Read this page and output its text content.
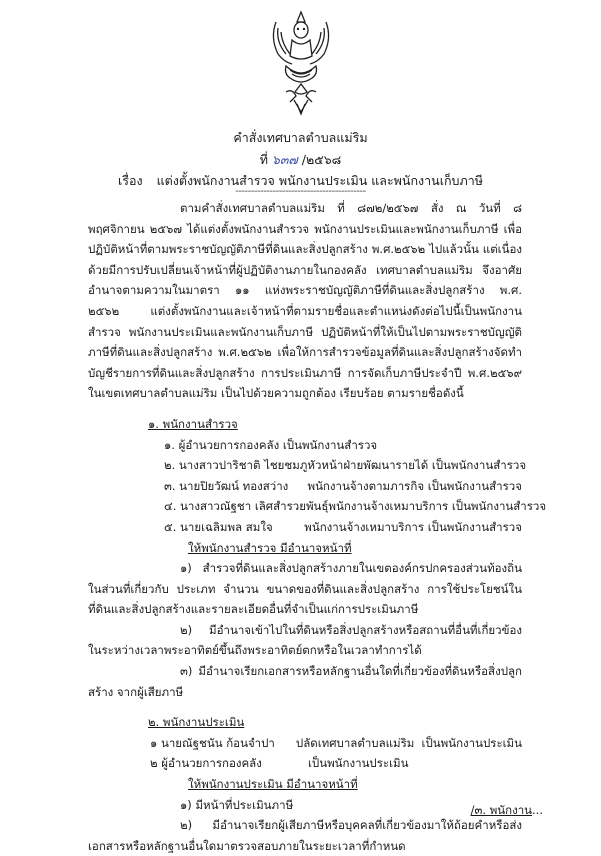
คำสั่งเทศบาลตำบลแม่ริม
ที่ ๖๓๗ /๒๕๖๘
เรื่อง แต่งตั้งพนักงานสำรวจ พนักงานประเมิน และพนักงานเก็บภาษี
------------------------------------------

ตามคำสั่งเทศบาลตำบลแม่ริม ที่ ๘๗๒/๒๕๖๗ สั่ง ณ วันที่ ๘ พฤศจิกายน ๒๕๖๗ ได้แต่งตั้งพนักงานสำรวจ พนักงานประเมินและพนักงานเก็บภาษี เพื่อปฏิบัติหน้าที่ตามพระราชบัญญัติภาษีที่ดินและสิ่งปลูกสร้าง พ.ศ.๒๕๖๒ ไปแล้วนั้น แต่เนื่องด้วยมีการปรับเปลี่ยนเจ้าหน้าที่ผู้ปฏิบัติงานภายในกองคลัง เทศบาลตำบลแม่ริม จึงอาศัยอำนาจตามความในมาตรา ๑๑ แห่งพระราชบัญญัติภาษีที่ดินและสิ่งปลูกสร้าง พ.ศ. ๒๕๖๒ แต่งตั้งพนักงานและเจ้าหน้าที่ตามรายชื่อและตำแหน่งดังต่อไปนี้เป็นพนักงานสำรวจ พนักงานประเมินและพนักงานเก็บภาษี ปฏิบัติหน้าที่ให้เป็นไปตามพระราชบัญญัติภาษีที่ดินและสิ่งปลูกสร้าง พ.ศ.๒๕๖๒ เพื่อให้การสำรวจข้อมูลที่ดินและสิ่งปลูกสร้างจัดทำบัญชีรายการที่ดินและสิ่งปลูกสร้าง การประเมินภาษี การจัดเก็บภาษีประจำปี พ.ศ.๒๕๖๙ ในเขตเทศบาลตำบลแม่ริม เป็นไปด้วยความถูกต้อง เรียบร้อย ตามรายชื่อดังนี้

๑. พนักงานสำรวจ
๑. ผู้อำนวยการกองคลัง เป็นพนักงานสำรวจ
๒. นางสาวปาริชาติ ไชยชมภู หัวหน้าฝ่ายพัฒนารายได้ เป็นพนักงานสำรวจ
๓. นายปิยวัฒน์ ทองสว่าง	พนักงานจ้างตามภารกิจ เป็นพนักงานสำรวจ
๔. นางสาวณัฐชา เลิศสำรวยพันธุ์ พนักงานจ้างเหมาบริการ เป็นพนักงานสำรวจ
๕. นายเฉลิมพล สมใจ	พนักงานจ้างเหมาบริการ เป็นพนักงานสำรวจ
ให้พนักงานสำรวจ มีอำนาจหน้าที่

๑) สำรวจที่ดินและสิ่งปลูกสร้างภายในเขตองค์กรปกครองส่วนท้องถิ่นในส่วนที่เกี่ยวกับ ประเภท จำนวน ขนาดของที่ดินและสิ่งปลูกสร้าง การใช้ประโยชน์ในที่ดินและสิ่งปลูกสร้างและรายละเอียดอื่นที่จำเป็นแก่การประเมินภาษี

๒) มีอำนาจเข้าไปในที่ดินหรือสิ่งปลูกสร้างหรือสถานที่อื่นที่เกี่ยวข้องในระหว่างเวลาพระอาทิตย์ขึ้นถึงพระอาทิตย์ตกหรือในเวลาทำการได้

๓) มีอำนาจเรียกเอกสารหรือหลักฐานอื่นใดที่เกี่ยวข้องที่ดินหรือสิ่งปลูกสร้าง จากผู้เสียภาษี

๒. พนักงานประเมิน
๑ นายณัฐชนัน ก้อนจำปา	ปลัดเทศบาลตำบลแม่ริม เป็นพนักงานประเมิน
๒ ผู้อำนวยการกองคลัง	เป็นพนักงานประเมิน
ให้พนักงานประเมิน มีอำนาจหน้าที่

๑) มีหน้าที่ประเมินภาษี

๒) มีอำนาจเรียกผู้เสียภาษีหรือบุคคลที่เกี่ยวข้องมาให้ถ้อยคำหรือส่งเอกสารหรือหลักฐานอื่นใดมาตรวจสอบภายในระยะเวลาที่กำหนด

/๓. พนักงาน...
